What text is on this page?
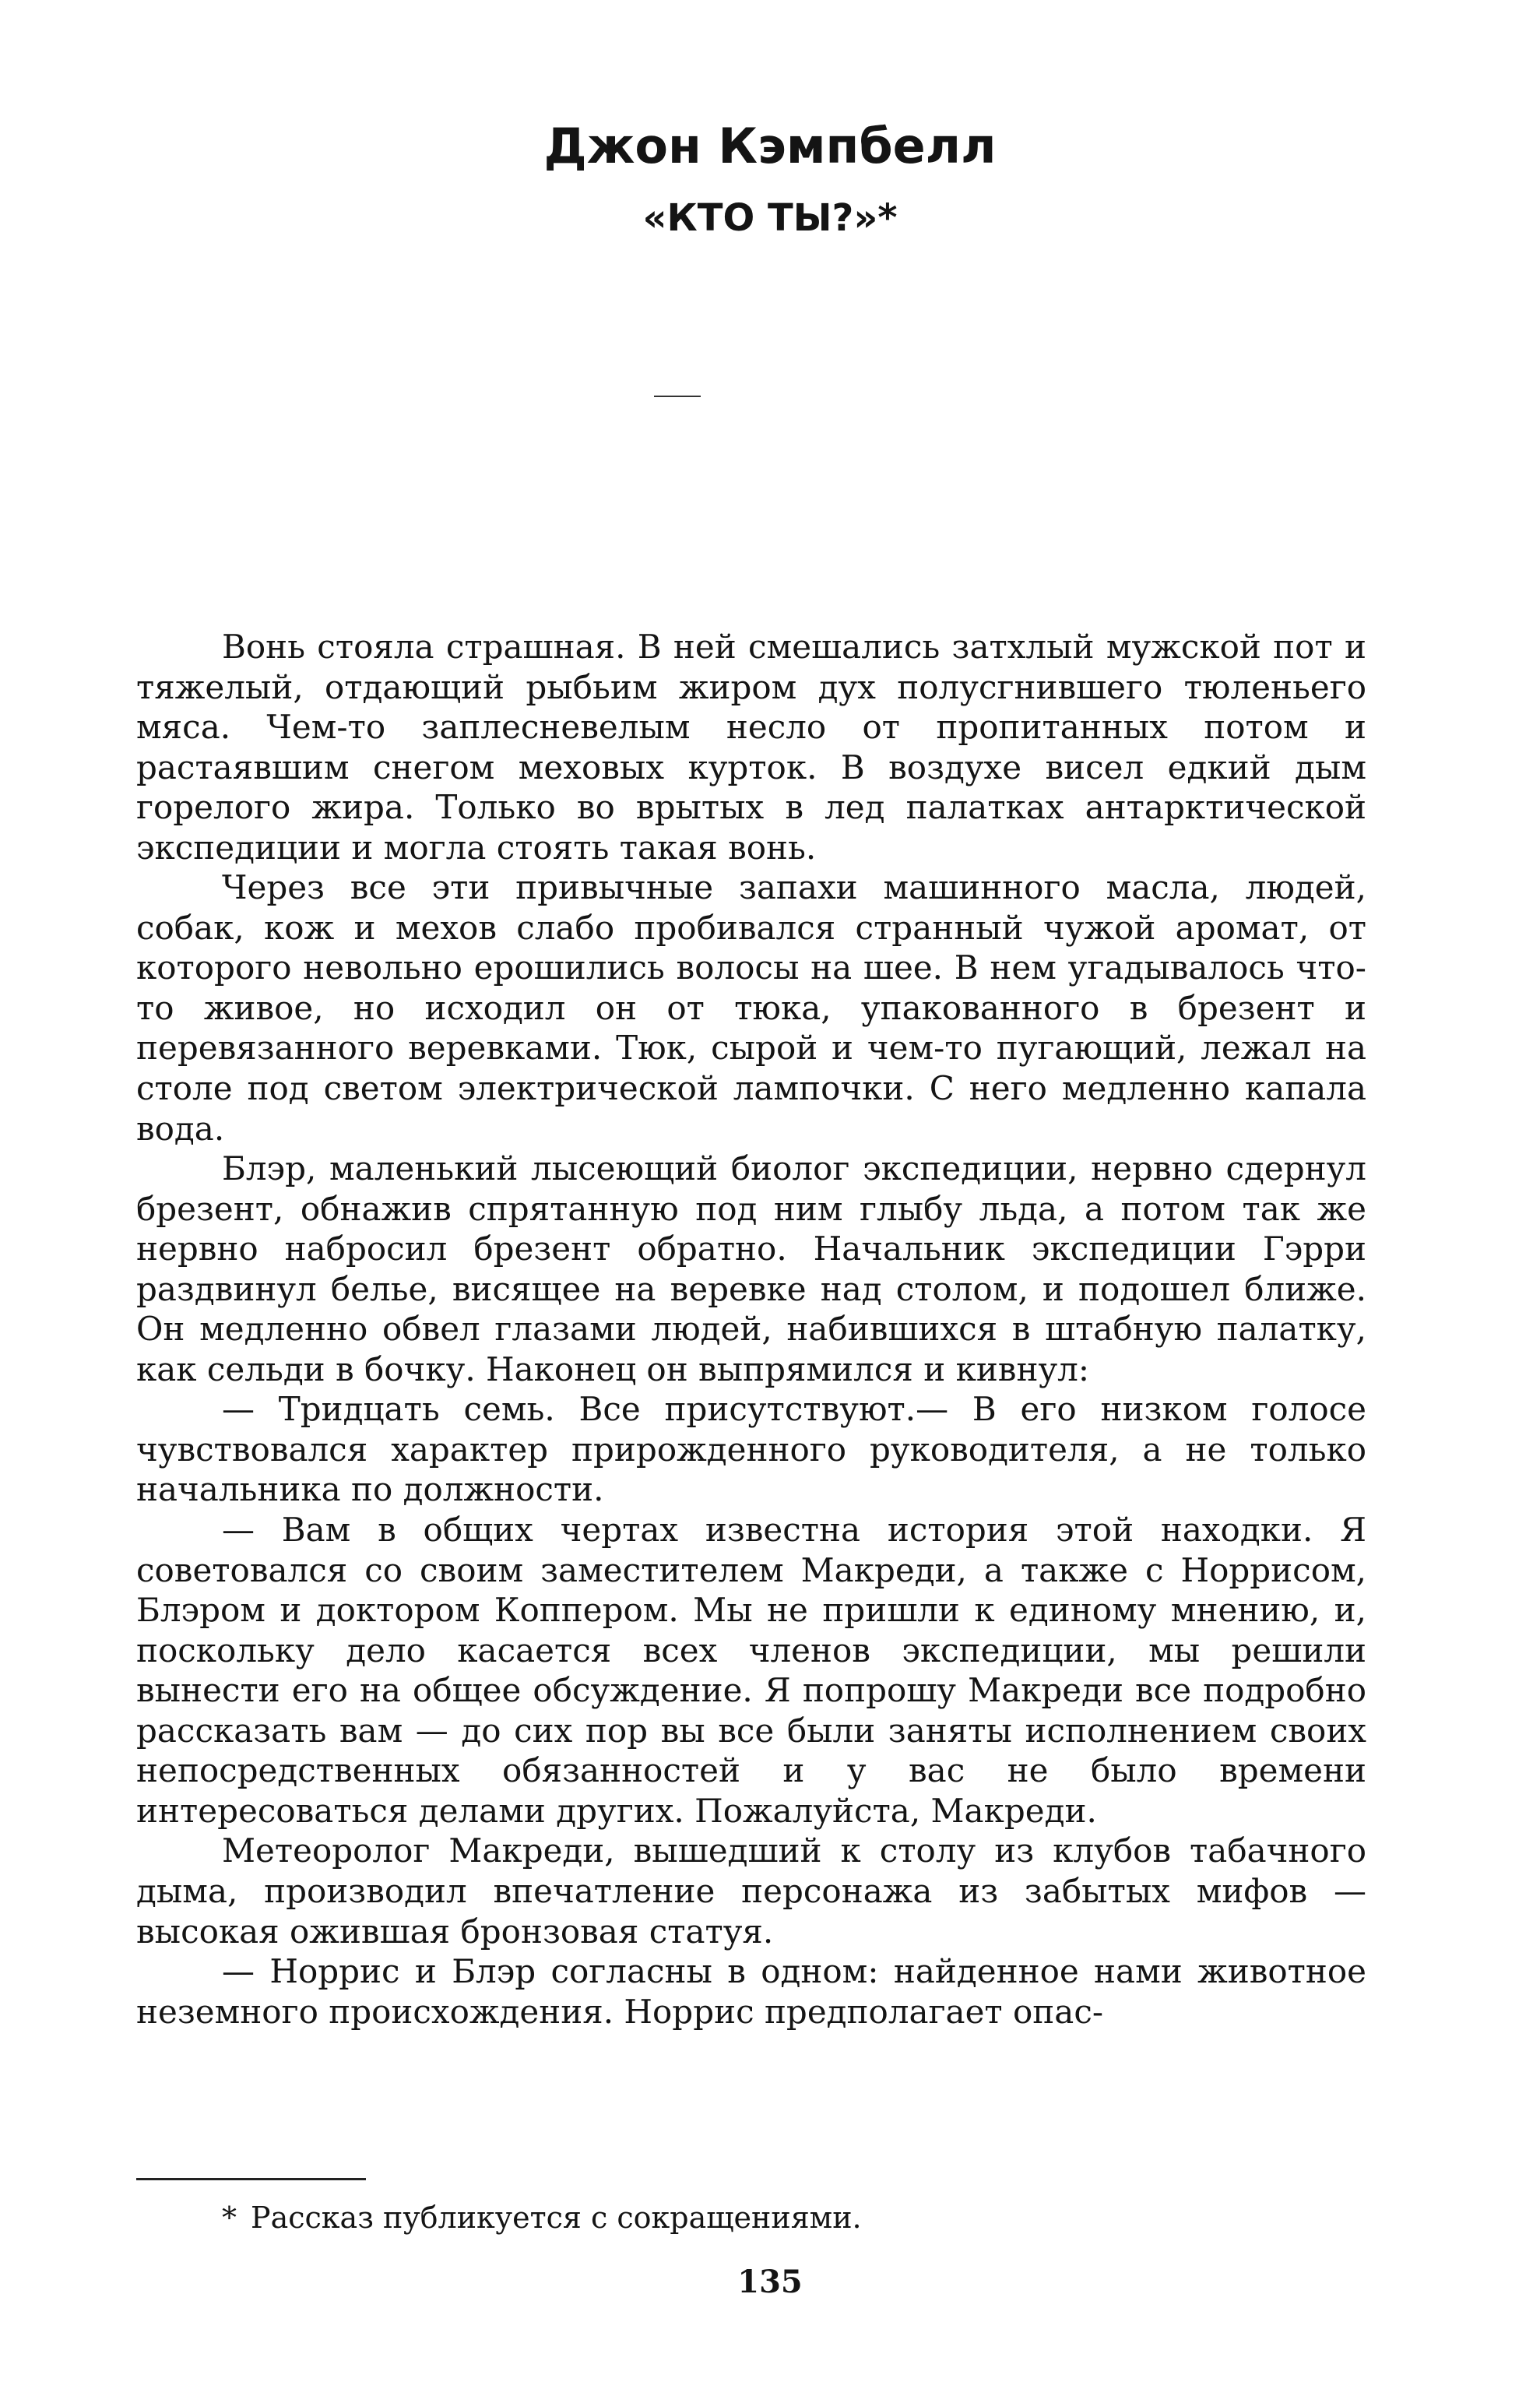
Джон Кэмпбелл
«КТО ТЫ?»*

Вонь стояла страшная. В ней смешались затхлый мужской пот и тяжелый, отдающий рыбьим жиром дух полусгнившего тюленьего мяса. Чем-то заплесневелым несло от пропитанных потом и растаявшим снегом меховых курток. В воздухе висел едкий дым горелого жира. Только во врытых в лед палатках антарктической экспедиции и могла стоять такая вонь.

Через все эти привычные запахи машинного масла, людей, собак, кож и мехов слабо пробивался странный чужой аромат, от которого невольно ерошились волосы на шее. В нем угадывалось что-то живое, но исходил он от тюка, упакованного в брезент и перевязанного веревками. Тюк, сырой и чем-то пугающий, лежал на столе под светом электрической лампочки. С него медленно капала вода.

Блэр, маленький лысеющий биолог экспедиции, нервно сдернул брезент, обнажив спрятанную под ним глыбу льда, а потом так же нервно набросил брезент обратно. Начальник экспедиции Гэрри раздвинул белье, висящее на веревке над столом, и подошел ближе. Он медленно обвел глазами людей, набившихся в штабную палатку, как сельди в бочку. Наконец он выпрямился и кивнул:

— Тридцать семь. Все присутствуют.— В его низком голосе чувствовался характер прирожденного руководителя, а не только начальника по должности.

— Вам в общих чертах известна история этой находки. Я советовался со своим заместителем Макреди, а также с Норрисом, Блэром и доктором Коппером. Мы не пришли к единому мнению, и, поскольку дело касается всех членов экспедиции, мы решили вынести его на общее обсуждение. Я попрошу Макреди все подробно рассказать вам — до сих пор вы все были заняты исполнением своих непосредственных обязанностей и у вас не было времени интересоваться делами других. Пожалуйста, Макреди.

Метеоролог Макреди, вышедший к столу из клубов табачного дыма, производил впечатление персонажа из забытых мифов — высокая ожившая бронзовая статуя.

— Норрис и Блэр согласны в одном: найденное нами животное неземного происхождения. Норрис предполагает опас-

* Рассказ публикуется с сокращениями.
135
